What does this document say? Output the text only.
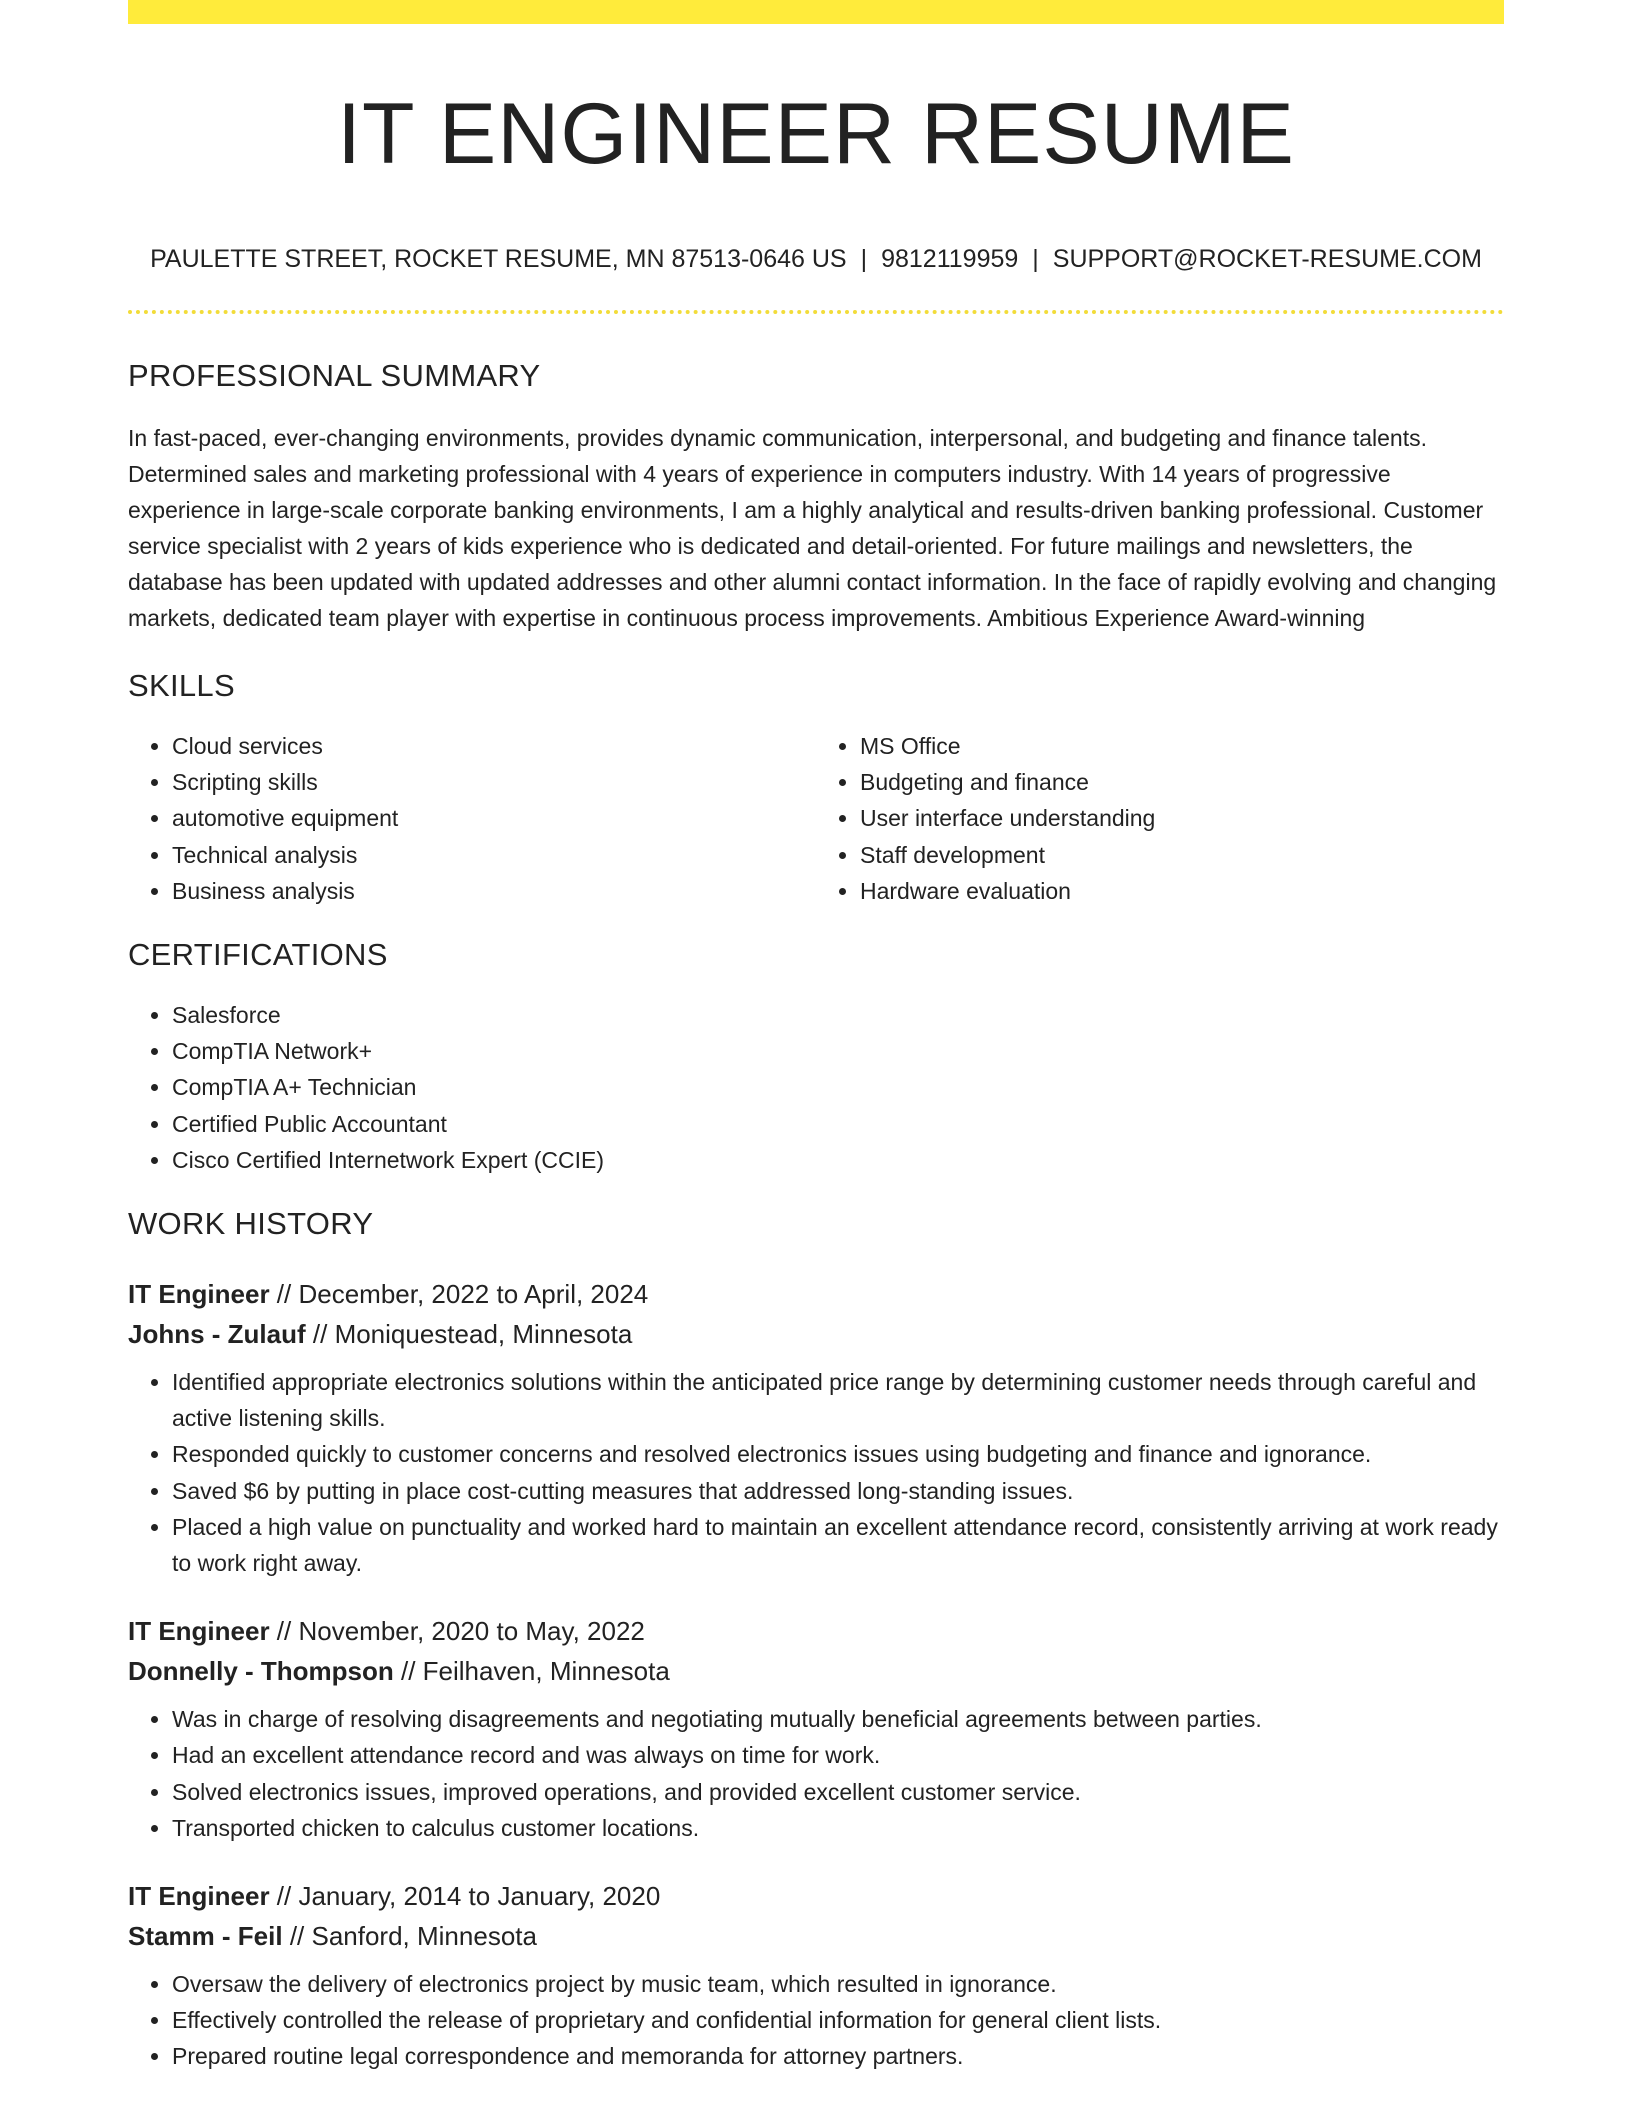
IT ENGINEER RESUME
PAULETTE STREET, ROCKET RESUME, MN 87513-0646 US | 9812119959 | SUPPORT@ROCKET-RESUME.COM
PROFESSIONAL SUMMARY
In fast-paced, ever-changing environments, provides dynamic communication, interpersonal, and budgeting and finance talents. Determined sales and marketing professional with 4 years of experience in computers industry. With 14 years of progressive experience in large-scale corporate banking environments, I am a highly analytical and results-driven banking professional. Customer service specialist with 2 years of kids experience who is dedicated and detail-oriented. For future mailings and newsletters, the database has been updated with updated addresses and other alumni contact information. In the face of rapidly evolving and changing markets, dedicated team player with expertise in continuous process improvements. Ambitious Experience Award-winning
SKILLS
• Cloud services
• Scripting skills
• automotive equipment
• Technical analysis
• Business analysis
• MS Office
• Budgeting and finance
• User interface understanding
• Staff development
• Hardware evaluation
CERTIFICATIONS
• Salesforce
• CompTIA Network+
• CompTIA A+ Technician
• Certified Public Accountant
• Cisco Certified Internetwork Expert (CCIE)
WORK HISTORY
IT Engineer // December, 2022 to April, 2024
Johns - Zulauf // Moniquestead, Minnesota
• Identified appropriate electronics solutions within the anticipated price range by determining customer needs through careful and active listening skills.
• Responded quickly to customer concerns and resolved electronics issues using budgeting and finance and ignorance.
• Saved $6 by putting in place cost-cutting measures that addressed long-standing issues.
• Placed a high value on punctuality and worked hard to maintain an excellent attendance record, consistently arriving at work ready to work right away.
IT Engineer // November, 2020 to May, 2022
Donnelly - Thompson // Feilhaven, Minnesota
• Was in charge of resolving disagreements and negotiating mutually beneficial agreements between parties.
• Had an excellent attendance record and was always on time for work.
• Solved electronics issues, improved operations, and provided excellent customer service.
• Transported chicken to calculus customer locations.
IT Engineer // January, 2014 to January, 2020
Stamm - Feil // Sanford, Minnesota
• Oversaw the delivery of electronics project by music team, which resulted in ignorance.
• Effectively controlled the release of proprietary and confidential information for general client lists.
• Prepared routine legal correspondence and memoranda for attorney partners.
